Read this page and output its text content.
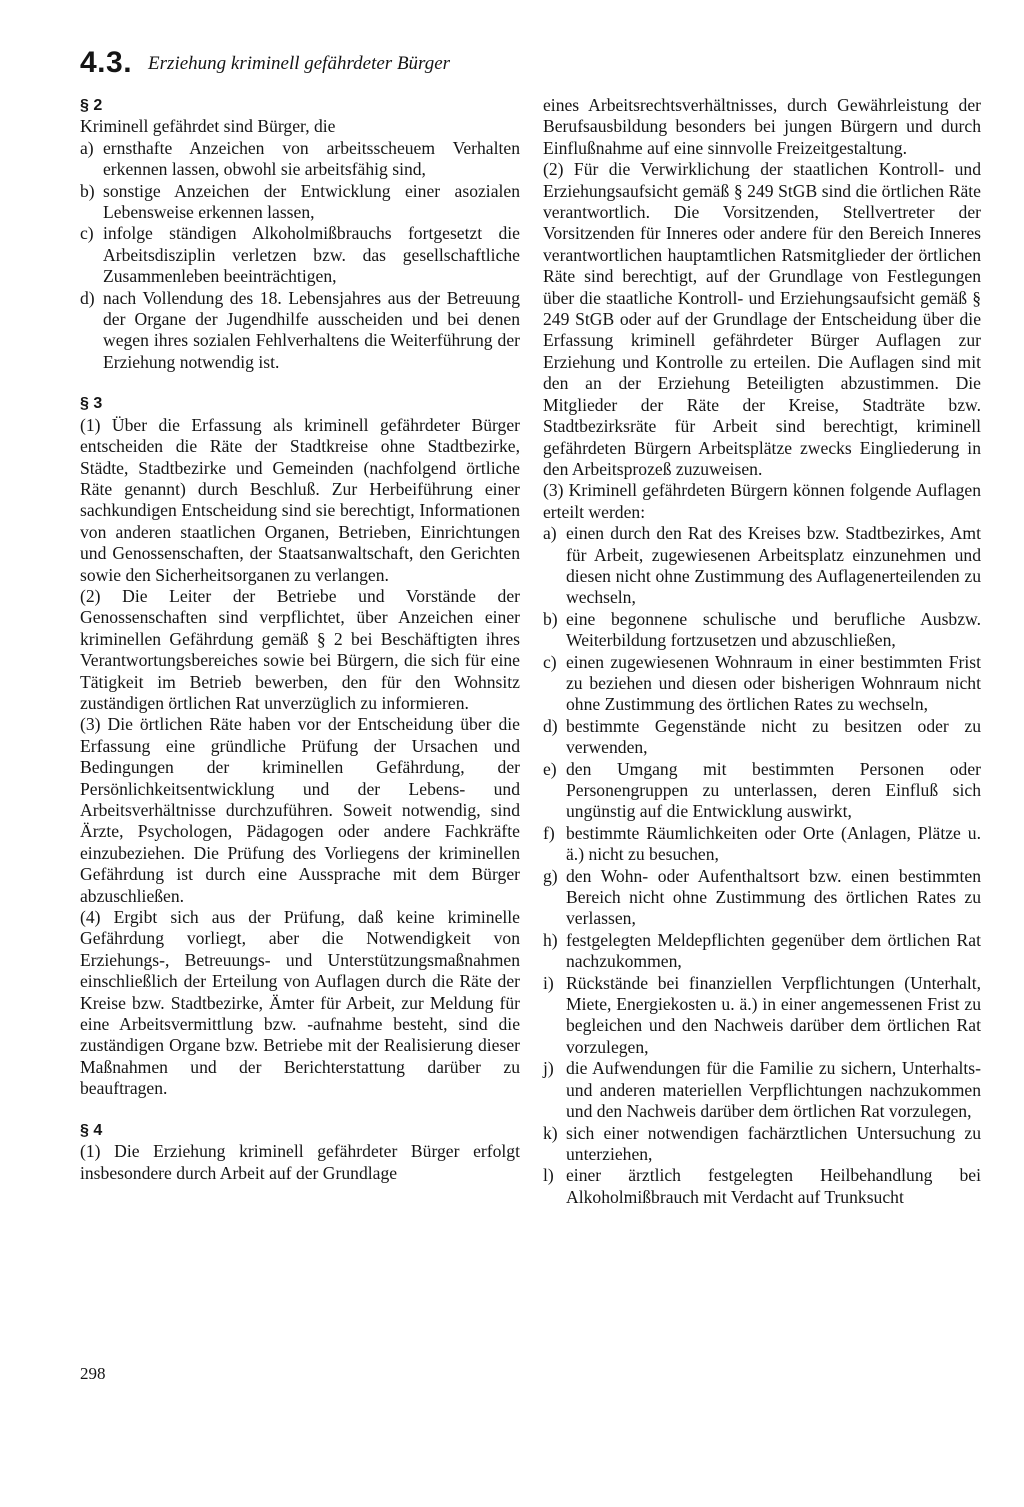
4.3. Erziehung kriminell gefährdeter Bürger

§ 2

Kriminell gefährdet sind Bürger, die

a) ernsthafte Anzeichen von arbeitsscheuem Verhalten erkennen lassen, obwohl sie arbeitsfähig sind,
b) sonstige Anzeichen der Entwicklung einer asozialen Lebensweise erkennen lassen,
c) infolge ständigen Alkoholmißbrauchs fortgesetzt die Arbeitsdisziplin verletzen bzw. das gesellschaftliche Zusammenleben beeinträchtigen,
d) nach Vollendung des 18. Lebensjahres aus der Betreuung der Organe der Jugendhilfe ausscheiden und bei denen wegen ihres sozialen Fehlverhaltens die Weiterführung der Erziehung notwendig ist.

§ 3

(1) Über die Erfassung als kriminell gefährdeter Bürger entscheiden die Räte der Stadtkreise ohne Stadtbezirke, Städte, Stadtbezirke und Gemeinden (nachfolgend örtliche Räte genannt) durch Beschluß. Zur Herbeiführung einer sachkundigen Entscheidung sind sie berechtigt, Informationen von anderen staatlichen Organen, Betrieben, Einrichtungen und Genossenschaften, der Staatsanwaltschaft, den Gerichten sowie den Sicherheitsorganen zu verlangen.

(2) Die Leiter der Betriebe und Vorstände der Genossenschaften sind verpflichtet, über Anzeichen einer kriminellen Gefährdung gemäß § 2 bei Beschäftigten ihres Verantwortungsbereiches sowie bei Bürgern, die sich für eine Tätigkeit im Betrieb bewerben, den für den Wohnsitz zuständigen örtlichen Rat unverzüglich zu informieren.

(3) Die örtlichen Räte haben vor der Entscheidung über die Erfassung eine gründliche Prüfung der Ursachen und Bedingungen der kriminellen Gefährdung, der Persönlichkeitsentwicklung und der Lebens- und Arbeitsverhältnisse durchzuführen. Soweit notwendig, sind Ärzte, Psychologen, Pädagogen oder andere Fachkräfte einzubeziehen. Die Prüfung des Vorliegens der kriminellen Gefährdung ist durch eine Aussprache mit dem Bürger abzuschließen.

(4) Ergibt sich aus der Prüfung, daß keine kriminelle Gefährdung vorliegt, aber die Notwendigkeit von Erziehungs-, Betreuungs- und Unterstützungsmaßnahmen einschließlich der Erteilung von Auflagen durch die Räte der Kreise bzw. Stadtbezirke, Ämter für Arbeit, zur Meldung für eine Arbeitsvermittlung bzw. -aufnahme besteht, sind die zuständigen Organe bzw. Betriebe mit der Realisierung dieser Maßnahmen und der Berichterstattung darüber zu beauftragen.

§ 4

(1) Die Erziehung kriminell gefährdeter Bürger erfolgt insbesondere durch Arbeit auf der Grundlage

eines Arbeitsrechtsverhältnisses, durch Gewährleistung der Berufsausbildung besonders bei jungen Bürgern und durch Einflußnahme auf eine sinnvolle Freizeitgestaltung.

(2) Für die Verwirklichung der staatlichen Kontroll- und Erziehungsaufsicht gemäß § 249 StGB sind die örtlichen Räte verantwortlich. Die Vorsitzenden, Stellvertreter der Vorsitzenden für Inneres oder andere für den Bereich Inneres verantwortlichen hauptamtlichen Ratsmitglieder der örtlichen Räte sind berechtigt, auf der Grundlage von Festlegungen über die staatliche Kontroll- und Erziehungsaufsicht gemäß § 249 StGB oder auf der Grundlage der Entscheidung über die Erfassung kriminell gefährdeter Bürger Auflagen zur Erziehung und Kontrolle zu erteilen. Die Auflagen sind mit den an der Erziehung Beteiligten abzustimmen. Die Mitglieder der Räte der Kreise, Stadträte bzw. Stadtbezirksräte für Arbeit sind berechtigt, kriminell gefährdeten Bürgern Arbeitsplätze zwecks Eingliederung in den Arbeitsprozeß zuzuweisen.

(3) Kriminell gefährdeten Bürgern können folgende Auflagen erteilt werden:

a) einen durch den Rat des Kreises bzw. Stadtbezirkes, Amt für Arbeit, zugewiesenen Arbeitsplatz einzunehmen und diesen nicht ohne Zustimmung des Auflagenerteilenden zu wechseln,
b) eine begonnene schulische und berufliche Ausbzw. Weiterbildung fortzusetzen und abzuschließen,
c) einen zugewiesenen Wohnraum in einer bestimmten Frist zu beziehen und diesen oder bisherigen Wohnraum nicht ohne Zustimmung des örtlichen Rates zu wechseln,
d) bestimmte Gegenstände nicht zu besitzen oder zu verwenden,
e) den Umgang mit bestimmten Personen oder Personengruppen zu unterlassen, deren Einfluß sich ungünstig auf die Entwicklung auswirkt,
f) bestimmte Räumlichkeiten oder Orte (Anlagen, Plätze u. ä.) nicht zu besuchen,
g) den Wohn- oder Aufenthaltsort bzw. einen bestimmten Bereich nicht ohne Zustimmung des örtlichen Rates zu verlassen,
h) festgelegten Meldepflichten gegenüber dem örtlichen Rat nachzukommen,
i) Rückstände bei finanziellen Verpflichtungen (Unterhalt, Miete, Energiekosten u. ä.) in einer angemessenen Frist zu begleichen und den Nachweis darüber dem örtlichen Rat vorzulegen,
j) die Aufwendungen für die Familie zu sichern, Unterhalts- und anderen materiellen Verpflichtungen nachzukommen und den Nachweis darüber dem örtlichen Rat vorzulegen,
k) sich einer notwendigen fachärztlichen Untersuchung zu unterziehen,
l) einer ärztlich festgelegten Heilbehandlung bei Alkoholmißbrauch mit Verdacht auf Trunksucht
298
